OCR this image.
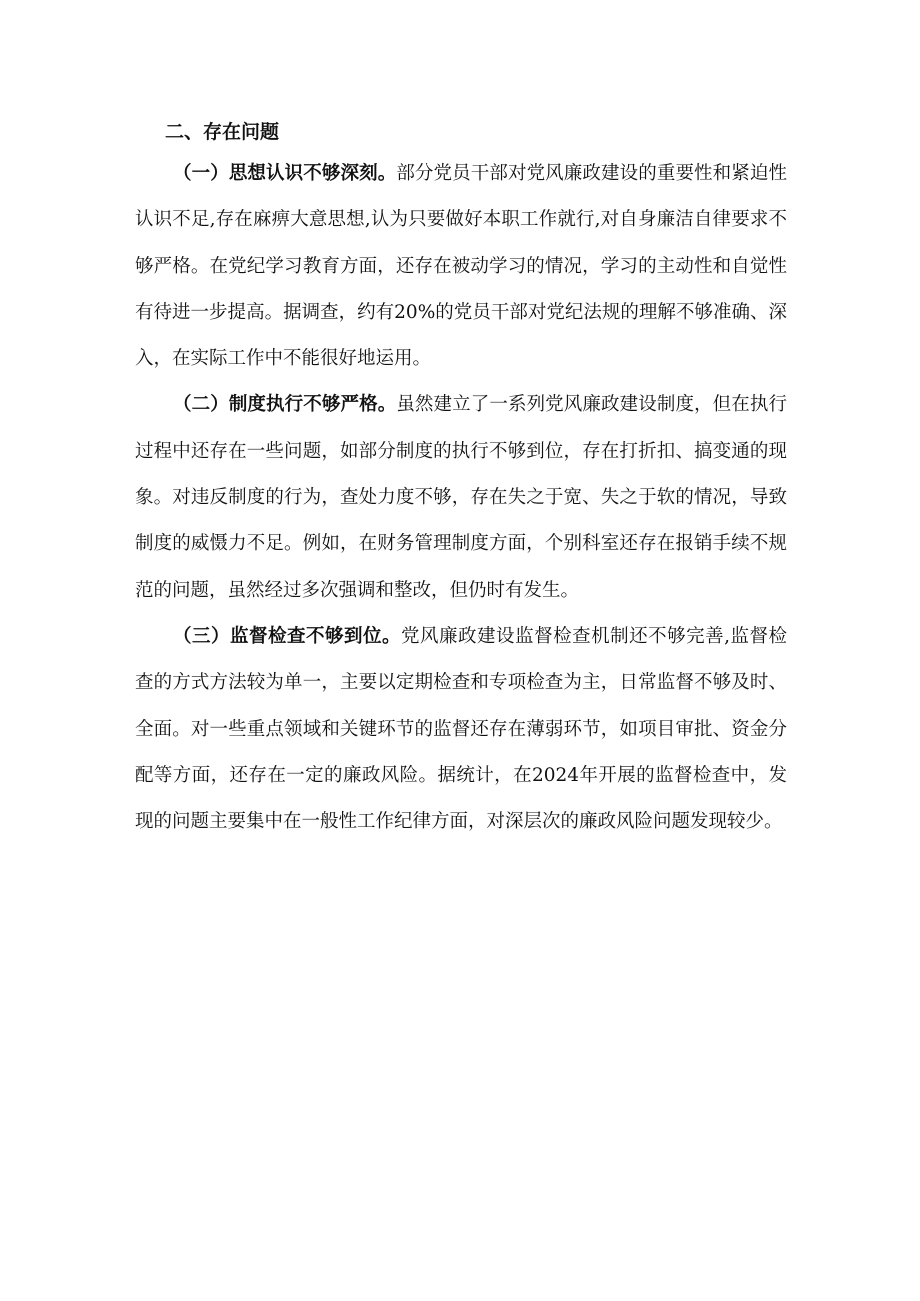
二、存在问题

（一）思想认识不够深刻。部分党员干部对党风廉政建设的重要性和紧迫性认识不足,存在麻痹大意思想,认为只要做好本职工作就行,对自身廉洁自律要求不够严格。在党纪学习教育方面，还存在被动学习的情况，学习的主动性和自觉性有待进一步提高。据调查，约有20%的党员干部对党纪法规的理解不够准确、深入，在实际工作中不能很好地运用。

（二）制度执行不够严格。虽然建立了一系列党风廉政建设制度，但在执行过程中还存在一些问题，如部分制度的执行不够到位，存在打折扣、搞变通的现象。对违反制度的行为，查处力度不够，存在失之于宽、失之于软的情况，导致制度的威慑力不足。例如，在财务管理制度方面，个别科室还存在报销手续不规范的问题，虽然经过多次强调和整改，但仍时有发生。

（三）监督检查不够到位。党风廉政建设监督检查机制还不够完善,监督检查的方式方法较为单一，主要以定期检查和专项检查为主，日常监督不够及时、全面。对一些重点领域和关键环节的监督还存在薄弱环节，如项目审批、资金分配等方面，还存在一定的廉政风险。据统计，在2024年开展的监督检查中，发现的问题主要集中在一般性工作纪律方面，对深层次的廉政风险问题发现较少。
